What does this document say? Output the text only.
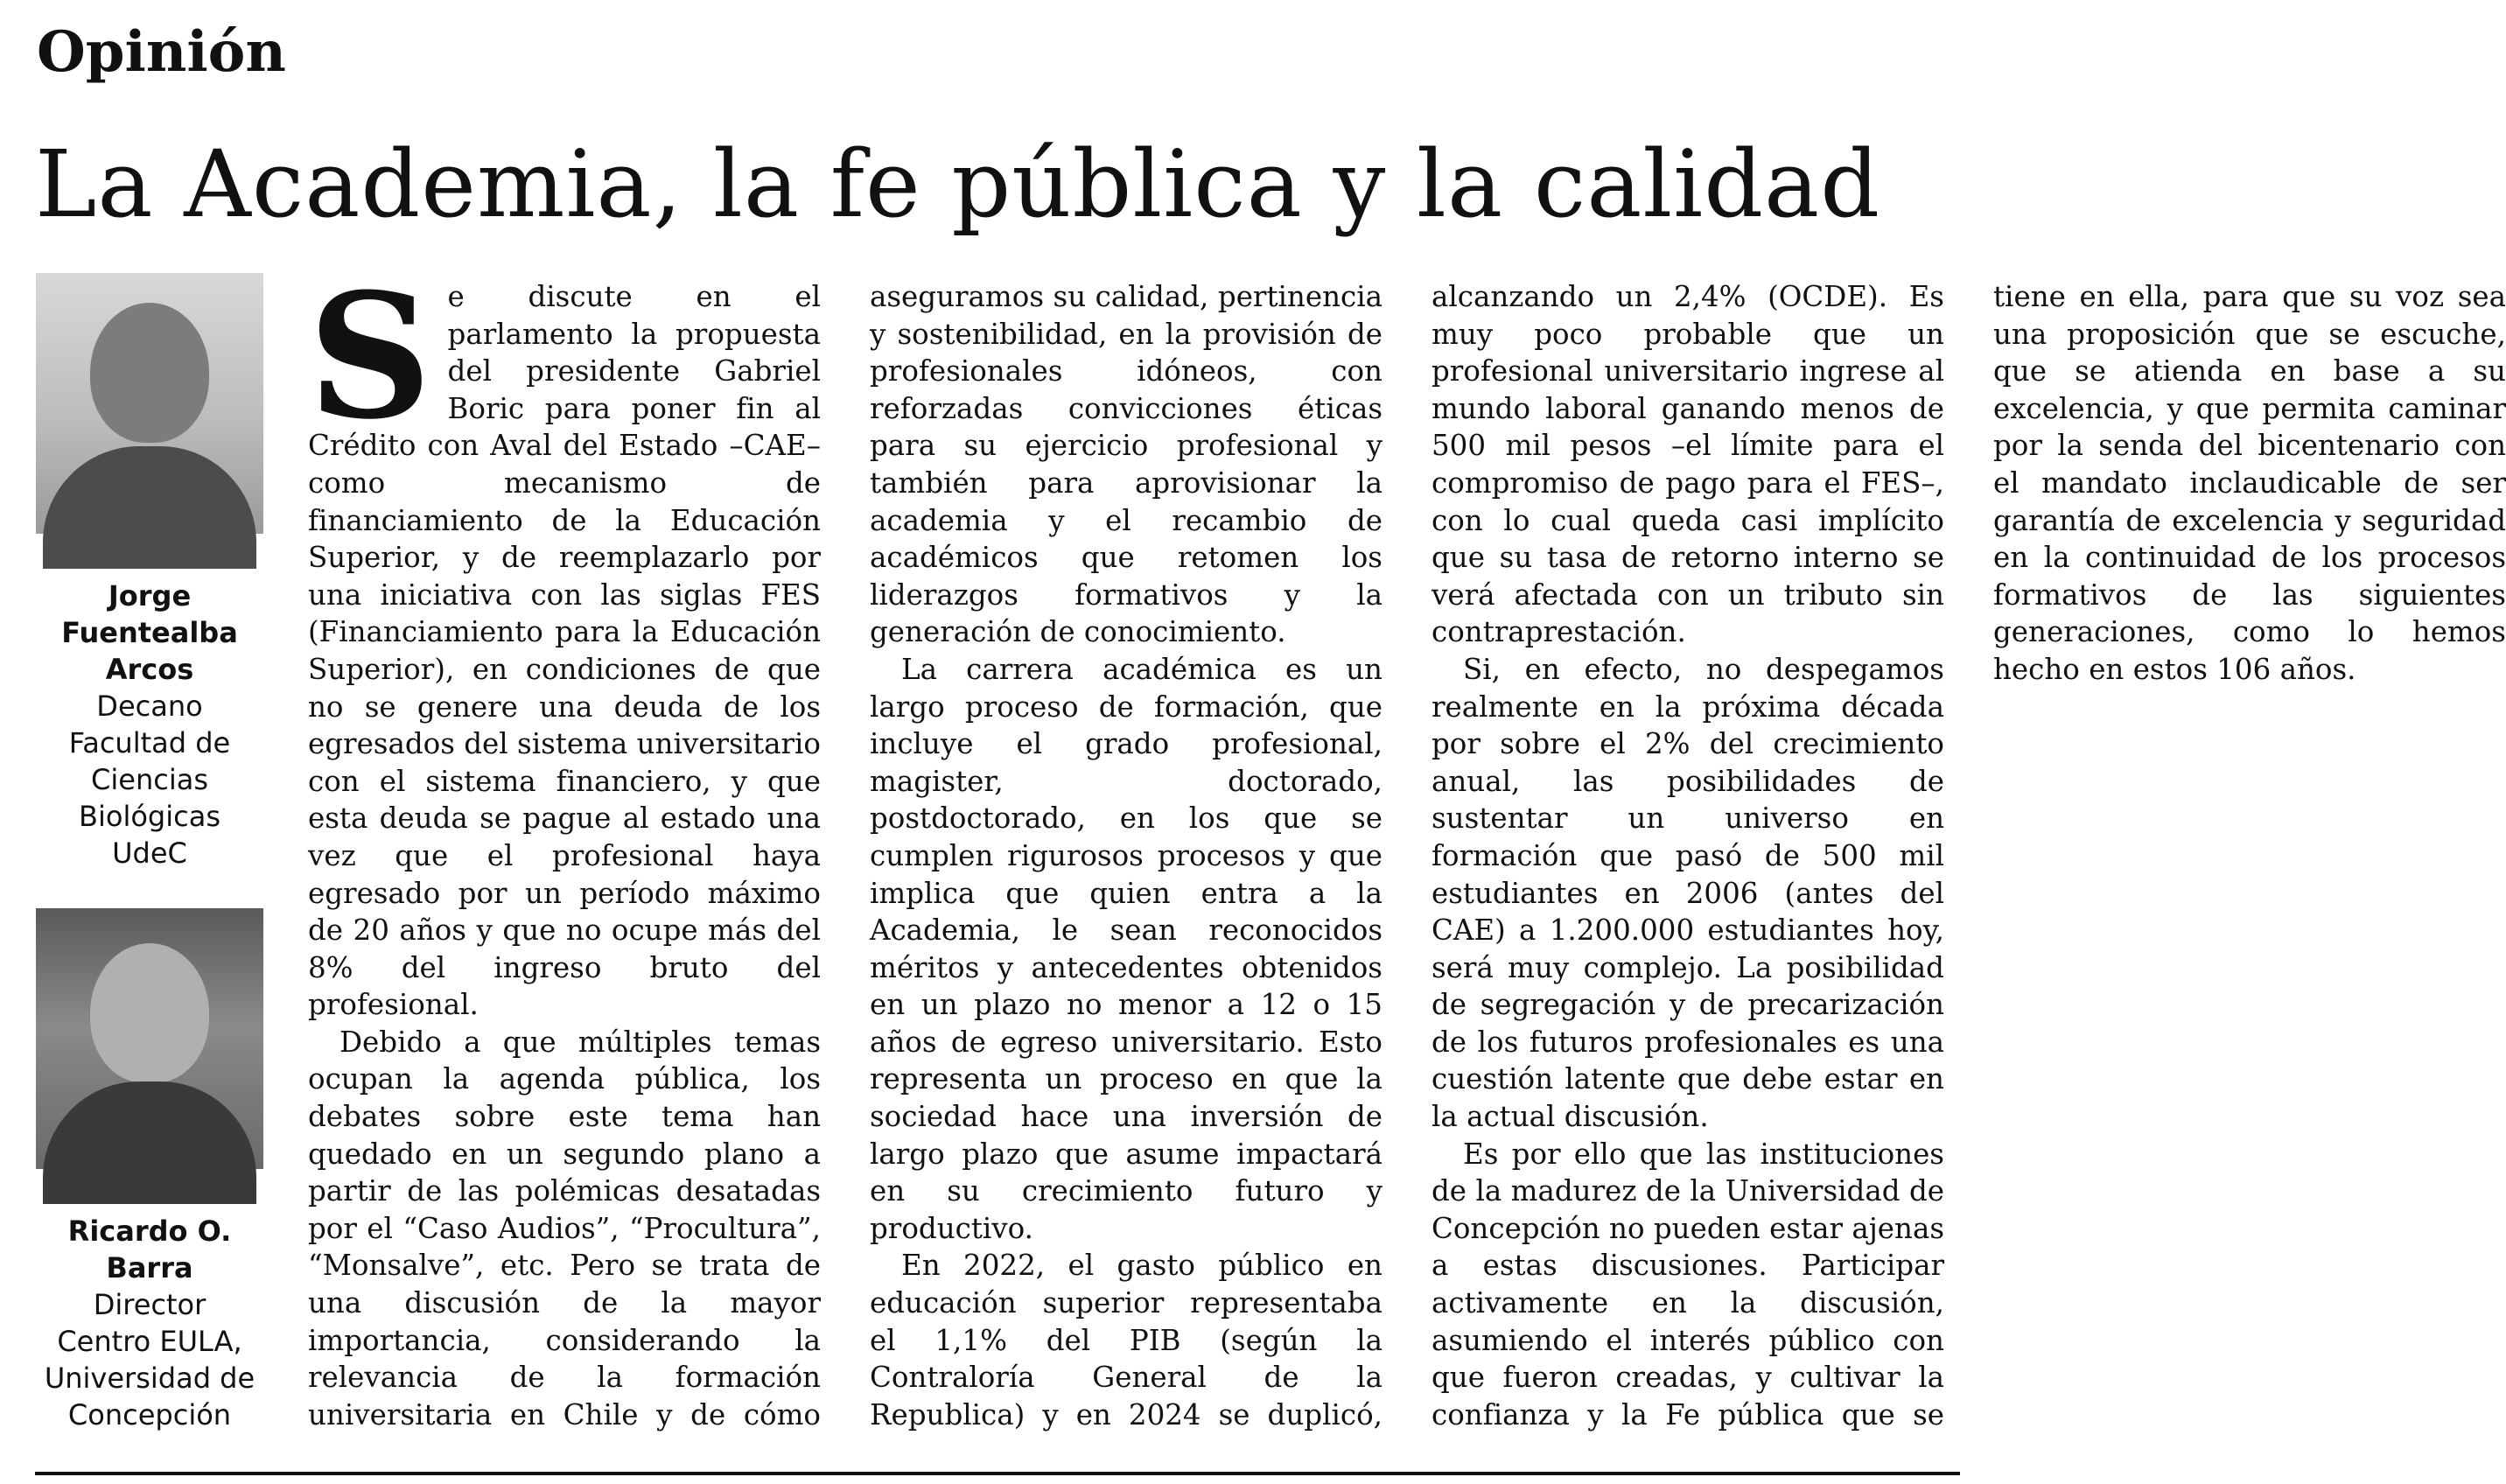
Opinión
La Academia, la fe pública y la calidad
Jorge Fuentealba Arcos
Decano
Facultad de
Ciencias
Biológicas
UdeC
Ricardo O. Barra
Director
Centro EULA,
Universidad de
Concepción

Se discute en el parlamento la propuesta del presidente Gabriel Boric para poner fin al Crédito con Aval del Estado –CAE– como mecanismo de financiamiento de la Educación Superior, y de reemplazarlo por una iniciativa con las siglas FES (Financiamiento para la Educación Superior), en condiciones de que no se genere una deuda de los egresados del sistema universitario con el sistema financiero, y que esta deuda se pague al estado una vez que el profesional haya egresado por un período máximo de 20 años y que no ocupe más del 8% del ingreso bruto del profesional.

Debido a que múltiples temas ocupan la agenda pública, los debates sobre este tema han quedado en un segundo plano a partir de las polémicas desatadas por el “Caso Audios”, “Procultura”, “Monsalve”, etc. Pero se trata de una discusión de la mayor importancia, considerando la relevancia de la formación universitaria en Chile y de cómo aseguramos su calidad, pertinencia y sostenibilidad, en la provisión de profesionales idóneos, con reforzadas convicciones éticas para su ejercicio profesional y también para aprovisionar la academia y el recambio de académicos que retomen los liderazgos formativos y la generación de conocimiento.

La carrera académica es un largo proceso de formación, que incluye el grado profesional, magister, doctorado, postdoctorado, en los que se cumplen rigurosos procesos y que implica que quien entra a la Academia, le sean reconocidos méritos y antecedentes obtenidos en un plazo no menor a 12 o 15 años de egreso universitario. Esto representa un proceso en que la sociedad hace una inversión de largo plazo que asume impactará en su crecimiento futuro y productivo.

En 2022, el gasto público en educación superior representaba el 1,1% del PIB (según la Contraloría General de la Republica) y en 2024 se duplicó, alcanzando un 2,4% (OCDE). Es muy poco probable que un profesional universitario ingrese al mundo laboral ganando menos de 500 mil pesos –el límite para el compromiso de pago para el FES–, con lo cual queda casi implícito que su tasa de retorno interno se verá afectada con un tributo sin contraprestación.

Si, en efecto, no despegamos realmente en la próxima década por sobre el 2% del crecimiento anual, las posibilidades de sustentar un universo en formación que pasó de 500 mil estudiantes en 2006 (antes del CAE) a 1.200.000 estudiantes hoy, será muy complejo. La posibilidad de segregación y de precarización de los futuros profesionales es una cuestión latente que debe estar en la actual discusión.

Es por ello que las instituciones de la madurez de la Universidad de Concepción no pueden estar ajenas a estas discusiones. Participar activamente en la discusión, asumiendo el interés público con que fueron creadas, y cultivar la confianza y la Fe pública que se tiene en ella, para que su voz sea una proposición que se escuche, que se atienda en base a su excelencia, y que permita caminar por la senda del bicentenario con el mandato inclaudicable de ser garantía de excelencia y seguridad en la continuidad de los procesos formativos de las siguientes generaciones, como lo hemos hecho en estos 106 años.
